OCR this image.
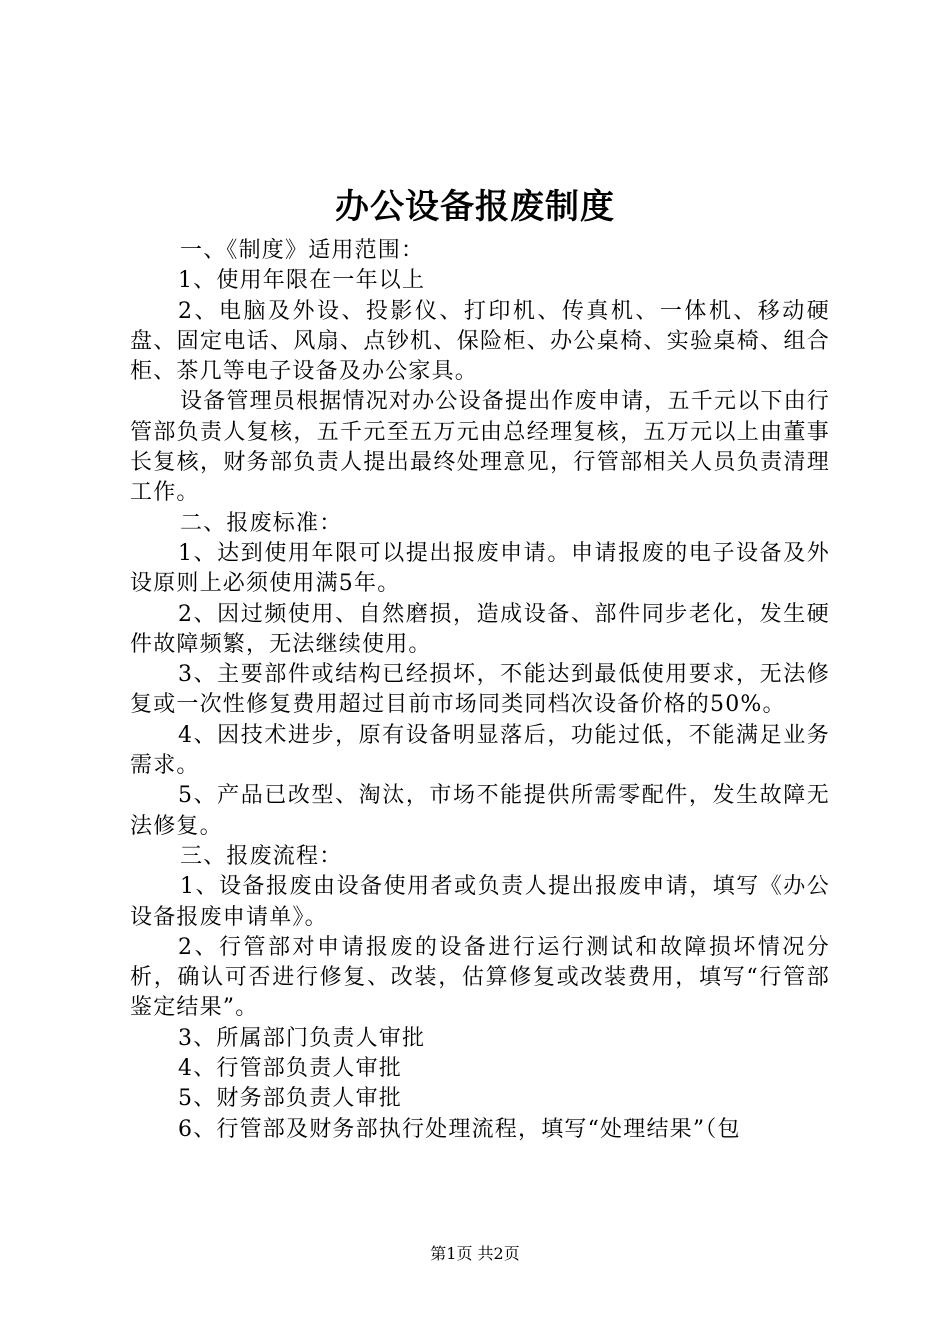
办公设备报废制度

一、《制度》适用范围：

1、使用年限在一年以上

2、电脑及外设、投影仪、打印机、传真机、一体机、移动硬盘、固定电话、风扇、点钞机、保险柜、办公桌椅、实验桌椅、组合柜、茶几等电子设备及办公家具。

设备管理员根据情况对办公设备提出作废申请，五千元以下由行管部负责人复核，五千元至五万元由总经理复核，五万元以上由董事长复核，财务部负责人提出最终处理意见，行管部相关人员负责清理工作。

二、报废标准：

1、达到使用年限可以提出报废申请。申请报废的电子设备及外设原则上必须使用满5年。

2、因过频使用、自然磨损，造成设备、部件同步老化，发生硬件故障频繁，无法继续使用。

3、主要部件或结构已经损坏，不能达到最低使用要求，无法修复或一次性修复费用超过目前市场同类同档次设备价格的50%。

4、因技术进步，原有设备明显落后，功能过低，不能满足业务需求。

5、产品已改型、淘汰，市场不能提供所需零配件，发生故障无法修复。

三、报废流程：

1、设备报废由设备使用者或负责人提出报废申请，填写《办公设备报废申请单》。

2、行管部对申请报废的设备进行运行测试和故障损坏情况分析，确认可否进行修复、改装，估算修复或改装费用，填写“行管部鉴定结果”。

3、所属部门负责人审批

4、行管部负责人审批

5、财务部负责人审批

6、行管部及财务部执行处理流程，填写“处理结果”（包

第1页 共2页
